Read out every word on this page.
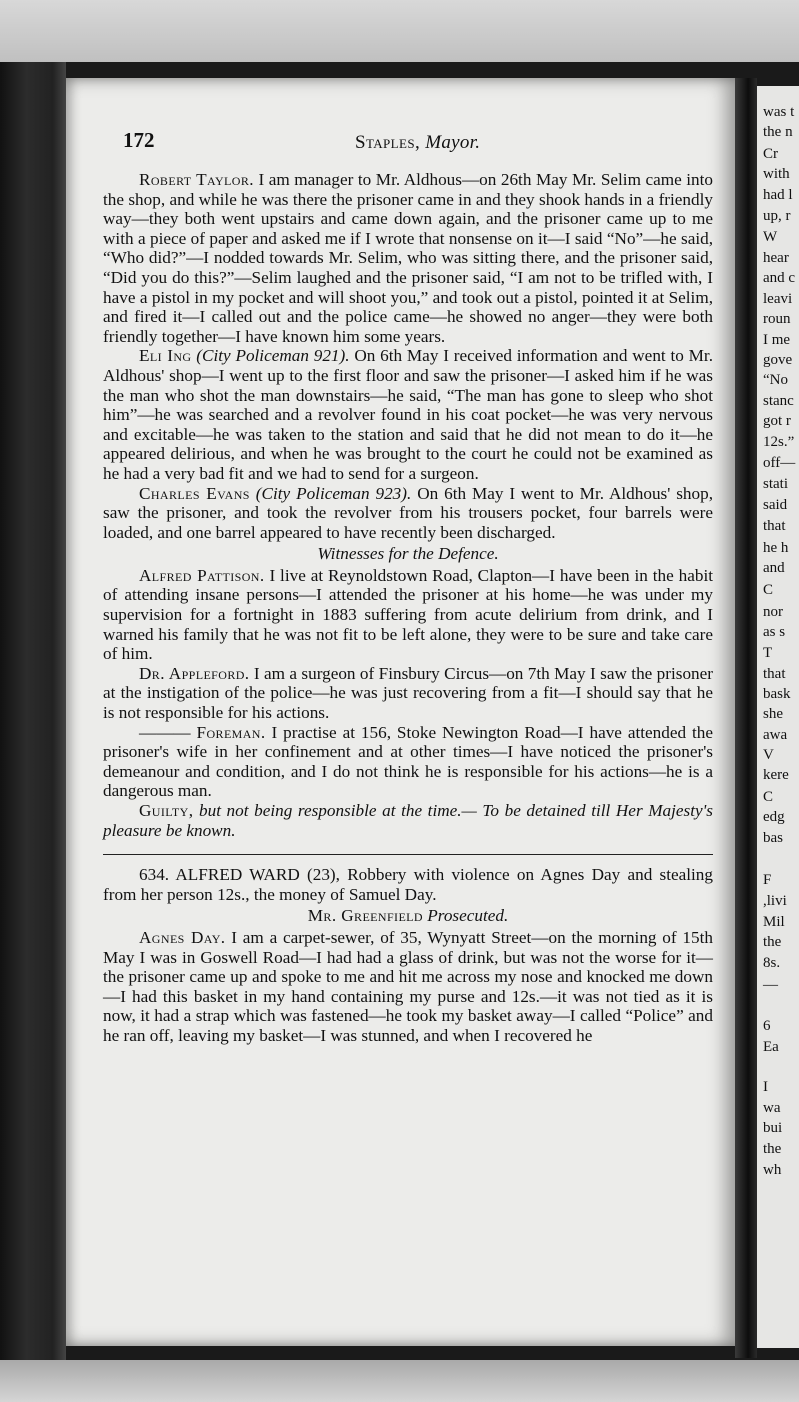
was t
the n
Cr
with
had l
up, r
W
hear
and c
leavi
roun
I me
gove
“No
stanc
got r
12s.”
off—
stati
said
that
he h
and
C
nor
as s
T
that
bask
she
awa
V
kere
C
edg
bas
F
,livi
Mil
the
8s.
—
6
Ea
I
wa
bui
the
wh
172	Staples, Mayor.

Robert Taylor. I am manager to Mr. Aldhous—on 26th May Mr. Selim came into the shop, and while he was there the prisoner came in and they shook hands in a friendly way—they both went upstairs and came down again, and the prisoner came up to me with a piece of paper and asked me if I wrote that nonsense on it—I said “No”—he said, “Who did?”—I nodded towards Mr. Selim, who was sitting there, and the prisoner said, “Did you do this?”—Selim laughed and the prisoner said, “I am not to be trifled with, I have a pistol in my pocket and will shoot you,” and took out a pistol, pointed it at Selim, and fired it—I called out and the police came—he showed no anger—they were both friendly together—I have known him some years.

Eli Ing (City Policeman 921). On 6th May I received information and went to Mr. Aldhous' shop—I went up to the first floor and saw the prisoner—I asked him if he was the man who shot the man downstairs—he said, “The man has gone to sleep who shot him”—he was searched and a revolver found in his coat pocket—he was very nervous and excitable—he was taken to the station and said that he did not mean to do it—he appeared delirious, and when he was brought to the court he could not be examined as he had a very bad fit and we had to send for a surgeon.

Charles Evans (City Policeman 923). On 6th May I went to Mr. Aldhous' shop, saw the prisoner, and took the revolver from his trousers pocket, four barrels were loaded, and one barrel appeared to have recently been discharged.

Witnesses for the Defence.

Alfred Pattison. I live at Reynoldstown Road, Clapton—I have been in the habit of attending insane persons—I attended the prisoner at his home—he was under my supervision for a fortnight in 1883 suffering from acute delirium from drink, and I warned his family that he was not fit to be left alone, they were to be sure and take care of him.

Dr. Appleford. I am a surgeon of Finsbury Circus—on 7th May I saw the prisoner at the instigation of the police—he was just recovering from a fit—I should say that he is not responsible for his actions.

——— Foreman. I practise at 156, Stoke Newington Road—I have attended the prisoner's wife in her confinement and at other times—I have noticed the prisoner's demeanour and condition, and I do not think he is responsible for his actions—he is a dangerous man.

Guilty, but not being responsible at the time.— To be detained till Her Majesty's pleasure be known.

634. ALFRED WARD (23), Robbery with violence on Agnes Day and stealing from her person 12s., the money of Samuel Day.

Mr. Greenfield Prosecuted.

Agnes Day. I am a carpet-sewer, of 35, Wynyatt Street—on the morning of 15th May I was in Goswell Road—I had had a glass of drink, but was not the worse for it—the prisoner came up and spoke to me and hit me across my nose and knocked me down—I had this basket in my hand containing my purse and 12s.—it was not tied as it is now, it had a strap which was fastened—he took my basket away—I called “Police” and he ran off, leaving my basket—I was stunned, and when I recovered he
